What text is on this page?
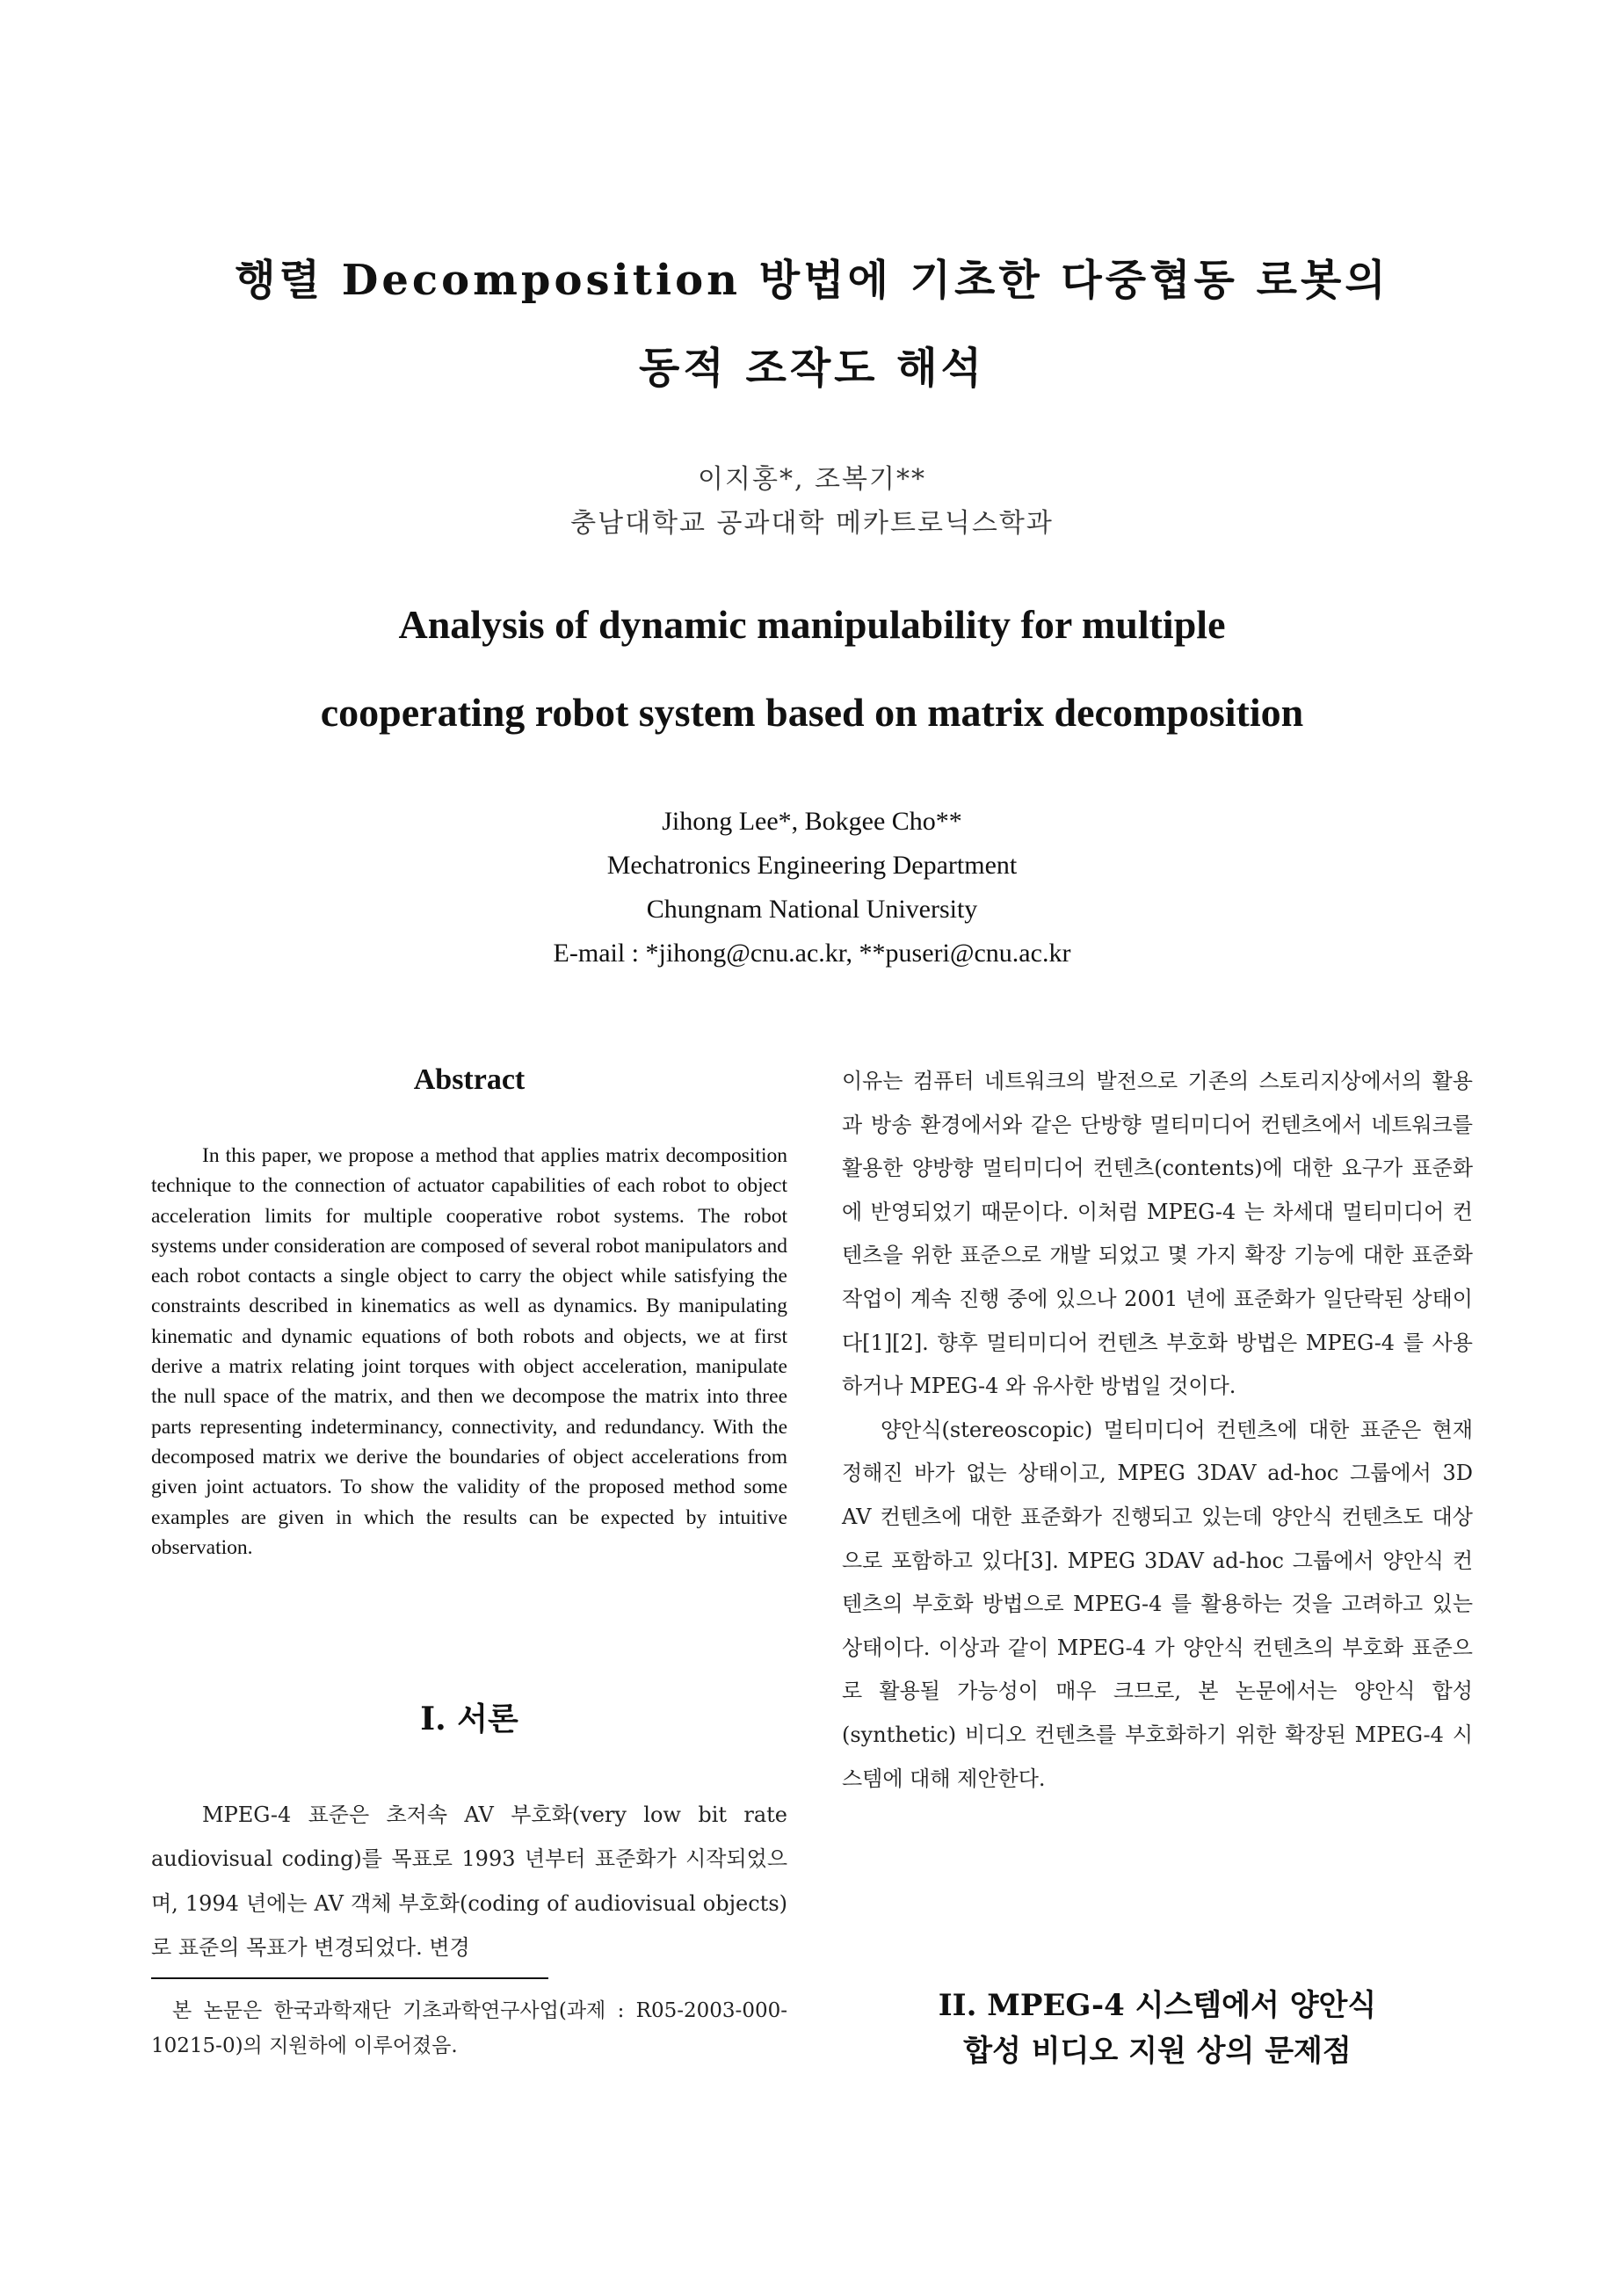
행렬 Decomposition 방법에 기초한 다중협동 로봇의
동적 조작도 해석
이지홍*, 조복기**
충남대학교 공과대학 메카트로닉스학과
Analysis of dynamic manipulability for multiple
cooperating robot system based on matrix decomposition
Jihong Lee*, Bokgee Cho**
Mechatronics Engineering Department
Chungnam National University
E-mail : *jihong@cnu.ac.kr, **puseri@cnu.ac.kr
Abstract
In this paper, we propose a method that applies matrix decomposition technique to the connection of actuator capabilities of each robot to object acceleration limits for multiple cooperative robot systems. The robot systems under consideration are composed of several robot manipulators and each robot contacts a single object to carry the object while satisfying the constraints described in kinematics as well as dynamics. By manipulating kinematic and dynamic equations of both robots and objects, we at first derive a matrix relating joint torques with object acceleration, manipulate the null space of the matrix, and then we decompose the matrix into three parts representing indeterminancy, connectivity, and redundancy. With the decomposed matrix we derive the boundaries of object accelerations from given joint actuators. To show the validity of the proposed method some examples are given in which the results can be expected by intuitive observation.
I. 서론
MPEG-4 표준은 초저속 AV 부호화(very low bit rate audiovisual coding)를 목표로 1993 년부터 표준화가 시작되었으며, 1994 년에는 AV 객체 부호화(coding of audiovisual objects)로 표준의 목표가 변경되었다. 변경
본 논문은 한국과학재단 기초과학연구사업(과제 : R05-2003-000-10215-0)의 지원하에 이루어졌음.

이유는 컴퓨터 네트워크의 발전으로 기존의 스토리지상에서의 활용과 방송 환경에서와 같은 단방향 멀티미디어 컨텐츠에서 네트워크를 활용한 양방향 멀티미디어 컨텐츠(contents)에 대한 요구가 표준화에 반영되었기 때문이다. 이처럼 MPEG-4 는 차세대 멀티미디어 컨텐츠을 위한 표준으로 개발 되었고 몇 가지 확장 기능에 대한 표준화 작업이 계속 진행 중에 있으나 2001 년에 표준화가 일단락된 상태이다[1][2]. 향후 멀티미디어 컨텐츠 부호화 방법은 MPEG-4 를 사용하거나 MPEG-4 와 유사한 방법일 것이다.

양안식(stereoscopic) 멀티미디어 컨텐츠에 대한 표준은 현재 정해진 바가 없는 상태이고, MPEG 3DAV ad-hoc 그룹에서 3D AV 컨텐츠에 대한 표준화가 진행되고 있는데 양안식 컨텐츠도 대상으로 포함하고 있다[3]. MPEG 3DAV ad-hoc 그룹에서 양안식 컨텐츠의 부호화 방법으로 MPEG-4 를 활용하는 것을 고려하고 있는 상태이다. 이상과 같이 MPEG-4 가 양안식 컨텐츠의 부호화 표준으로 활용될 가능성이 매우 크므로, 본 논문에서는 양안식 합성(synthetic) 비디오 컨텐츠를 부호화하기 위한 확장된 MPEG-4 시스템에 대해 제안한다.

II. MPEG-4 시스템에서 양안식
합성 비디오 지원 상의 문제점
